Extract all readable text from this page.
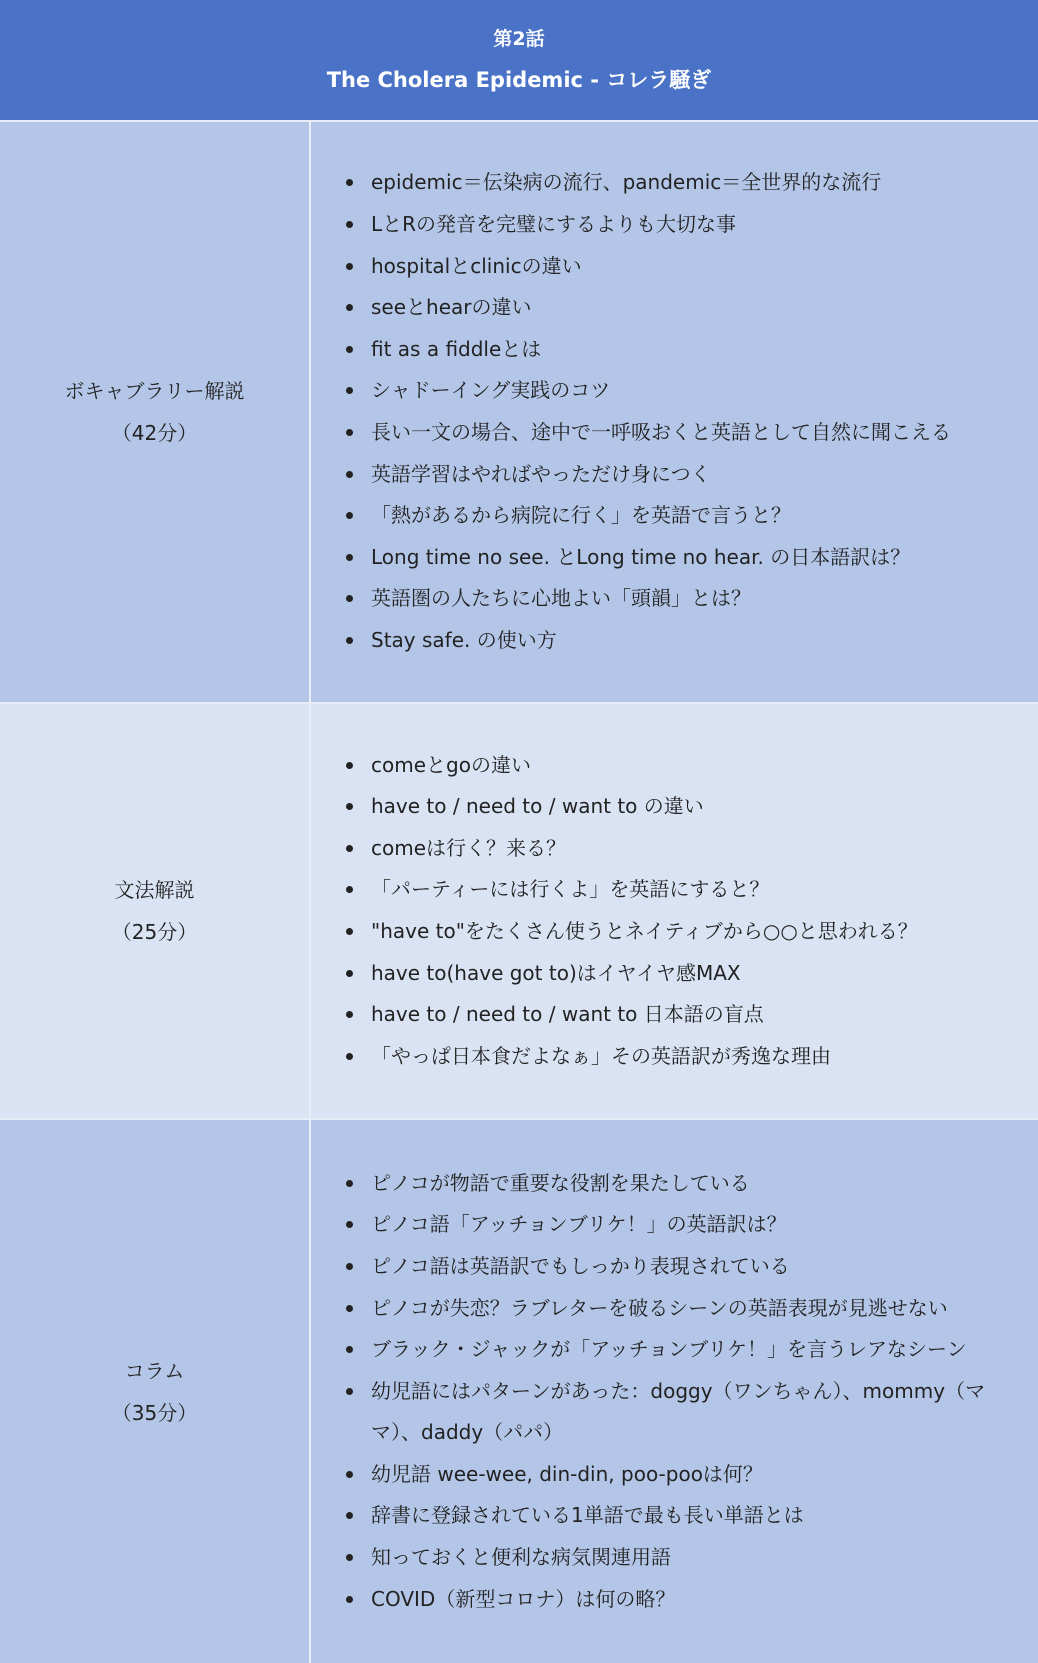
第2話
The Cholera Epidemic - コレラ騒ぎ
ボキャブラリー解説
（42分）
epidemic＝伝染病の流行、pandemic＝全世界的な流行
LとRの発音を完璧にするよりも大切な事
hospitalとclinicの違い
seeとhearの違い
fit as a fiddleとは
シャドーイング実践のコツ
長い一文の場合、途中で一呼吸おくと英語として自然に聞こえる
英語学習はやればやっただけ身につく
「熱があるから病院に行く」を英語で言うと？
Long time no see. とLong time no hear. の日本語訳は？
英語圏の人たちに心地よい「頭韻」とは？
Stay safe. の使い方
文法解説
（25分）
comeとgoの違い
have to / need to / want to の違い
comeは行く？来る？
「パーティーには行くよ」を英語にすると？
"have to"をたくさん使うとネイティブから○○と思われる？
have to(have got to)はイヤイヤ感MAX
have to / need to / want to 日本語の盲点
「やっぱ日本食だよなぁ」その英語訳が秀逸な理由
コラム
（35分）
ピノコが物語で重要な役割を果たしている
ピノコ語「アッチョンブリケ！」の英語訳は？
ピノコ語は英語訳でもしっかり表現されている
ピノコが失恋？ラブレターを破るシーンの英語表現が見逃せない
ブラック・ジャックが「アッチョンブリケ！」を言うレアなシーン
幼児語にはパターンがあった：doggy（ワンちゃん）、mommy（ママ）、daddy（パパ）
幼児語 wee-wee, din-din, poo-pooは何？
辞書に登録されている1単語で最も長い単語とは
知っておくと便利な病気関連用語
COVID（新型コロナ）は何の略？
